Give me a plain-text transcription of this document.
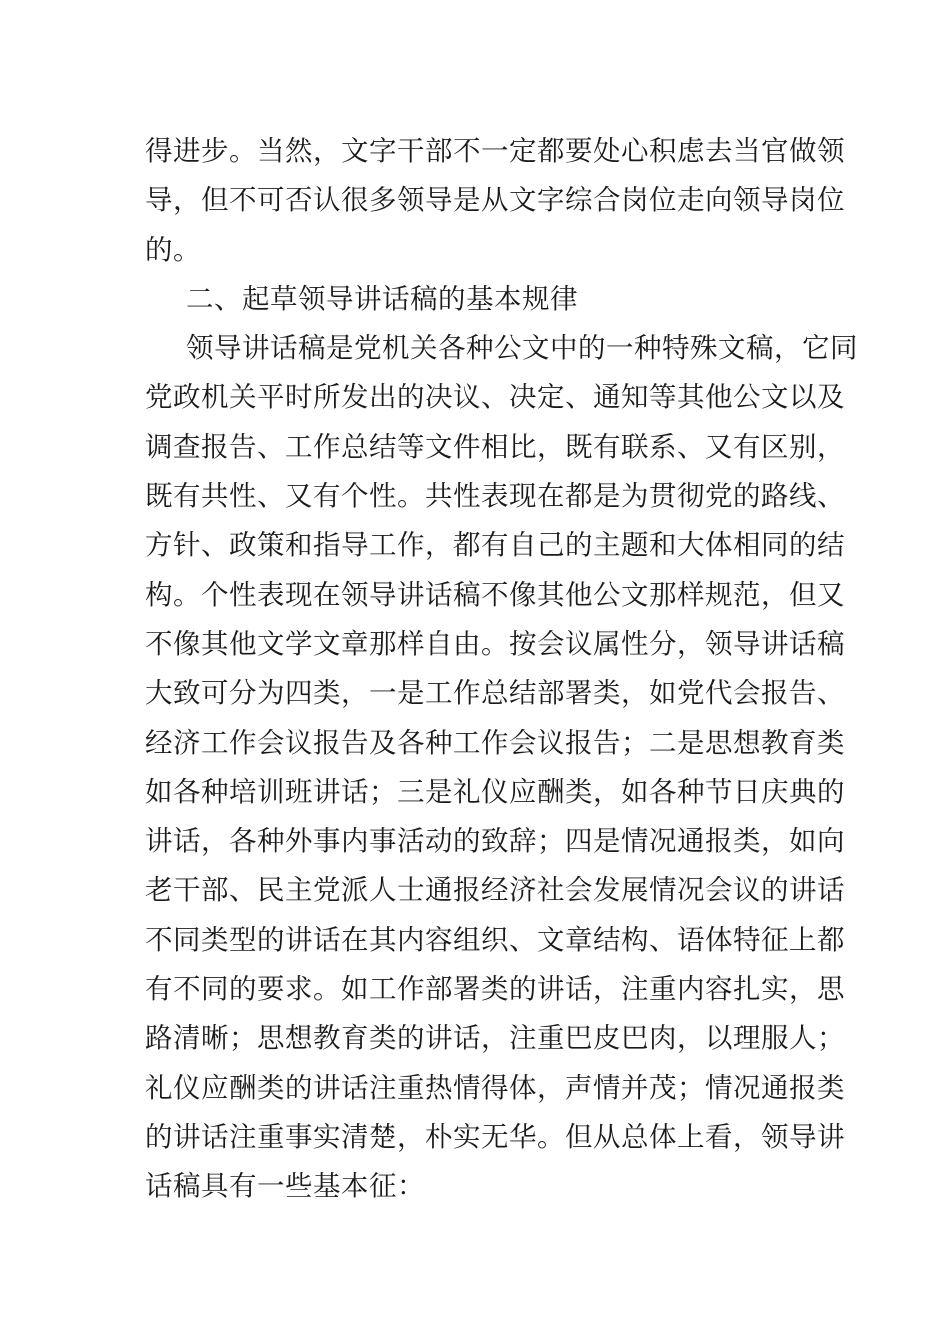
得进步。当然，文字干部不一定都要处心积虑去当官做领
导，但不可否认很多领导是从文字综合岗位走向领导岗位
的。
二、起草领导讲话稿的基本规律
领导讲话稿是党机关各种公文中的一种特殊文稿，它同
党政机关平时所发出的决议、决定、通知等其他公文以及
调查报告、工作总结等文件相比，既有联系、又有区别，
既有共性、又有个性。共性表现在都是为贯彻党的路线、
方针、政策和指导工作，都有自己的主题和大体相同的结
构。个性表现在领导讲话稿不像其他公文那样规范，但又
不像其他文学文章那样自由。按会议属性分，领导讲话稿
大致可分为四类，一是工作总结部署类，如党代会报告、
经济工作会议报告及各种工作会议报告；二是思想教育类
如各种培训班讲话；三是礼仪应酬类，如各种节日庆典的
讲话，各种外事内事活动的致辞；四是情况通报类，如向
老干部、民主党派人士通报经济社会发展情况会议的讲话
不同类型的讲话在其内容组织、文章结构、语体特征上都
有不同的要求。如工作部署类的讲话，注重内容扎实，思
路清晰；思想教育类的讲话，注重巴皮巴肉，以理服人；
礼仪应酬类的讲话注重热情得体，声情并茂；情况通报类
的讲话注重事实清楚，朴实无华。但从总体上看，领导讲
话稿具有一些基本征：
